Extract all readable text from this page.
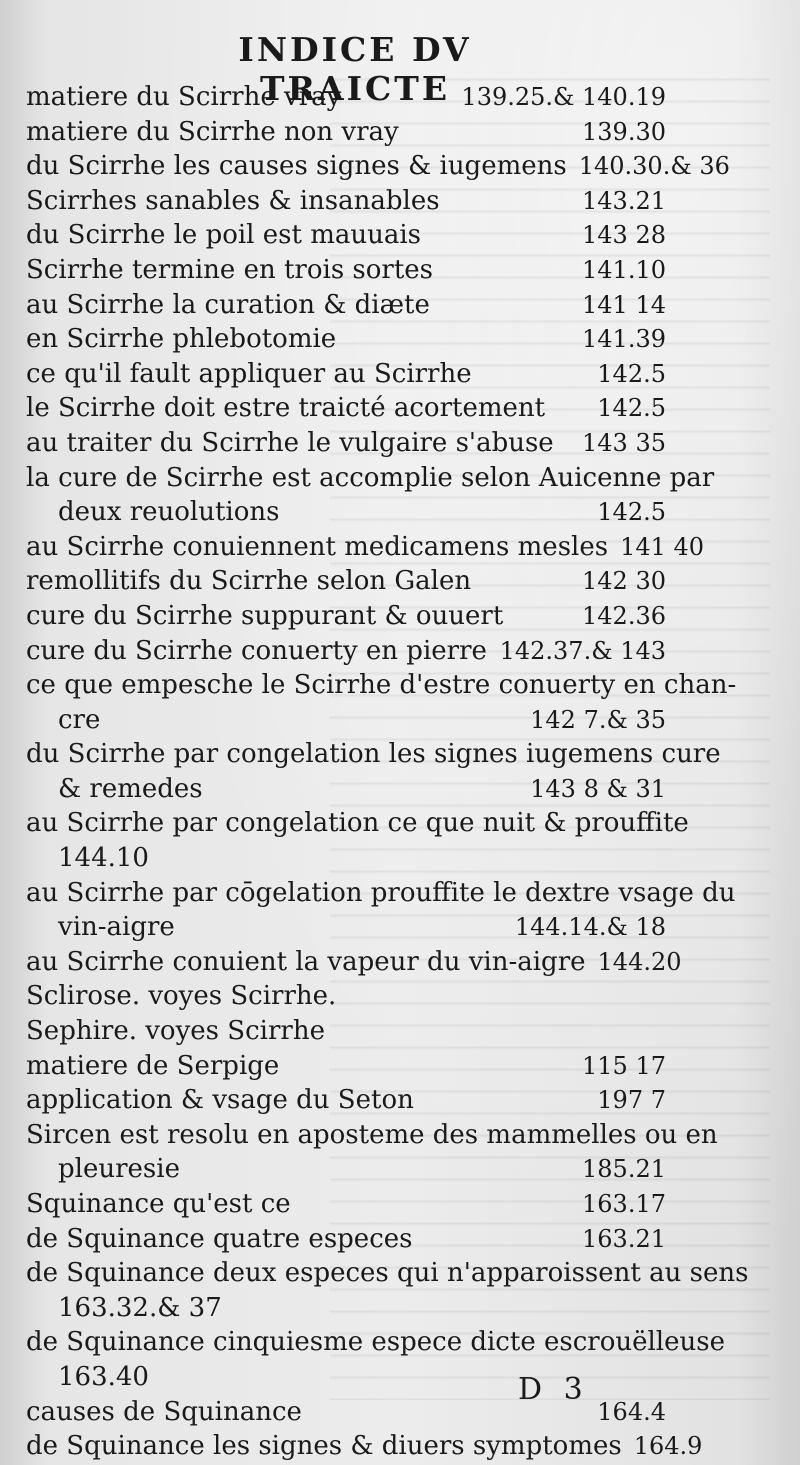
INDICE DV TRAICTE
matiere du Scirrhe vray	139.25.& 140.19
matiere du Scirrhe non vray	139.30
du Scirrhe les causes signes & iugemens 140.30.& 36
Scirrhes sanables & insanables	143.21
du Scirrhe le poil est mauuais	143 28
Scirrhe termine en trois sortes	141.10
au Scirrhe la curation & diæte	141 14
en Scirrhe phlebotomie	141.39
ce qu'il fault appliquer au Scirrhe	142.5
le Scirrhe doit estre traicté acortement	142.5
au traiter du Scirrhe le vulgaire s'abuse	143 35
la cure de Scirrhe est accomplie selon Auicenne par
deux reuolutions	142.5
au Scirrhe conuiennent medicamens mesles 141 40
remollitifs du Scirrhe selon Galen	142 30
cure du Scirrhe suppurant & ouuert	142.36
cure du Scirrhe conuerty en pierre 142.37.& 143
ce que empesche le Scirrhe d'estre conuerty en chan-
cre	142 7.& 35
du Scirrhe par congelation les signes iugemens cure
& remedes	143 8 & 31
au Scirrhe par congelation ce que nuit & prouffite
144.10
au Scirrhe par cōgelation prouffite le dextre vsage du
vin-aigre	144.14.& 18
au Scirrhe conuient la vapeur du vin-aigre 144.20
Sclirose. voyes Scirrhe.
Sephire. voyes Scirrhe
matiere de Serpige	115 17
application & vsage du Seton	197 7
Sircen est resolu en aposteme des mammelles ou en
pleuresie	185.21
Squinance qu'est ce	163.17
de Squinance quatre especes	163.21
de Squinance deux especes qui n'apparoissent au sens
163.32.& 37
de Squinance cinquiesme espece dicte escrouëlleuse
163.40
causes de Squinance	164.4
de Squinance les signes & diuers symptomes 164.9
D 3
